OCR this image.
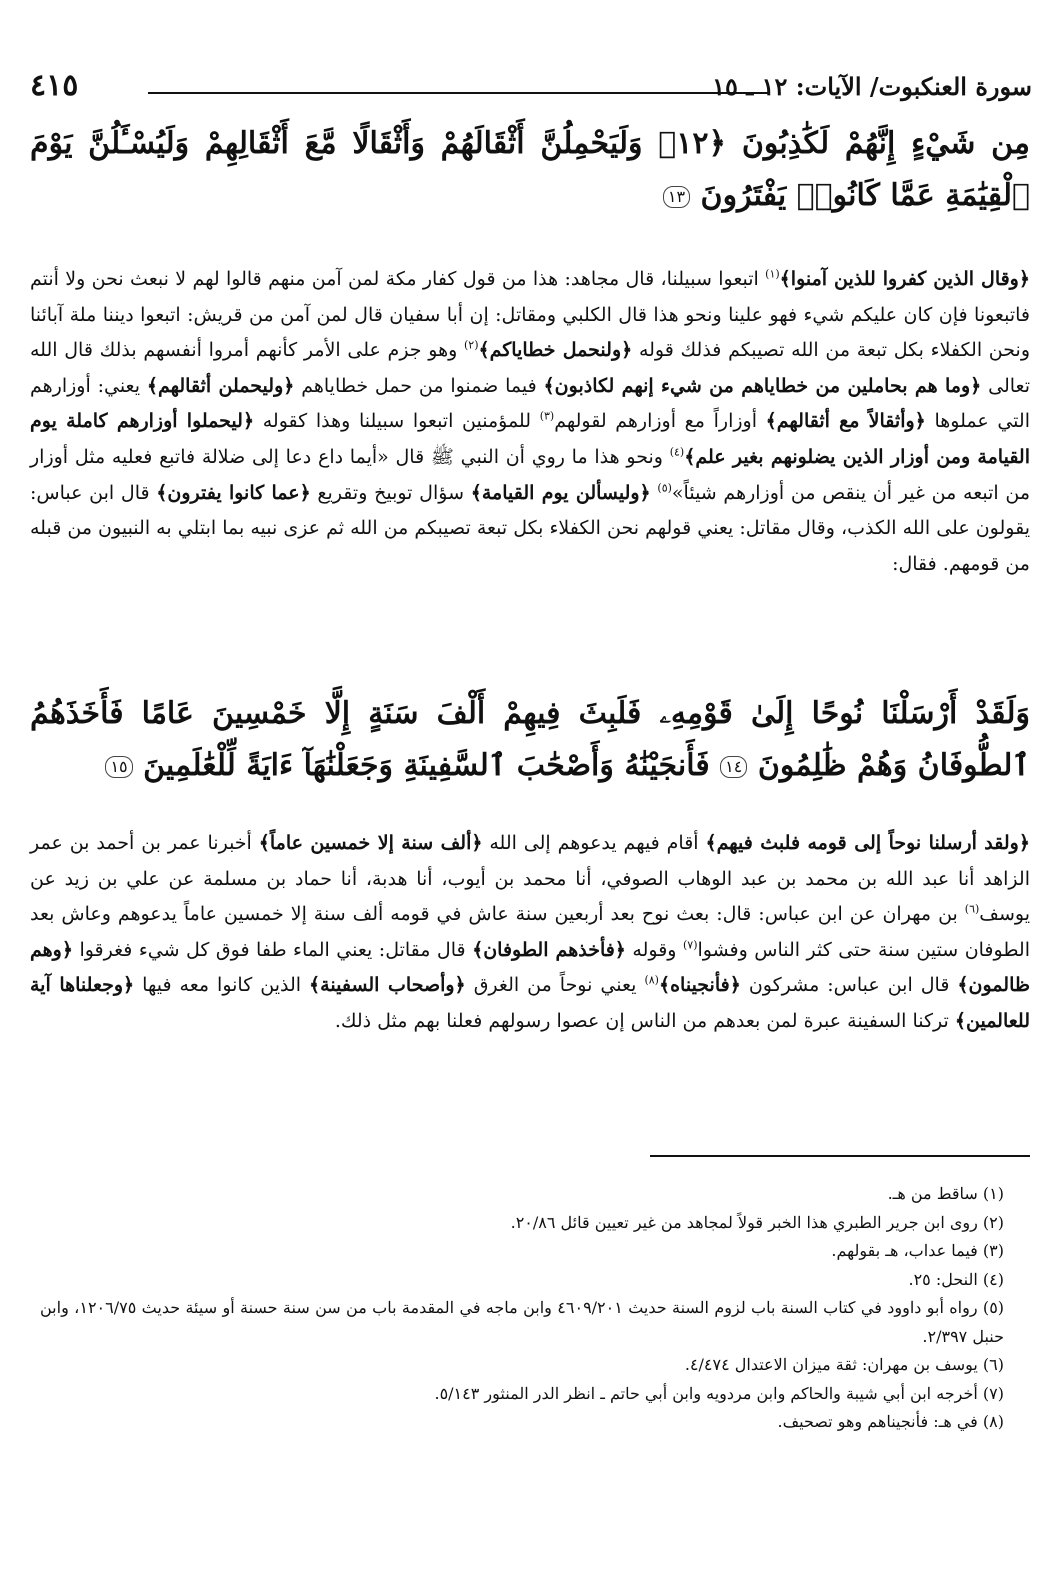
سورة العنكبوت/ الآيات: ١٢ ـ ١٥
٤١٥
مِن شَيْءٍ إِنَّهُمْ لَكَٰذِبُونَ ﴿١٢﴾ وَلَيَحْمِلُنَّ أَثْقَالَهُمْ وَأَثْقَالًا مَّعَ أَثْقَالِهِمْ وَلَيُسْـَٔلُنَّ يَوْمَ ٱلْقِيَٰمَةِ عَمَّا كَانُوا۟ يَفْتَرُونَ ١٣
﴿وقال الذين كفروا للذين آمنوا﴾$^{(١)}$ اتبعوا سبيلنا، قال مجاهد: هذا من قول كفار مكة لمن آمن منهم قالوا لهم لا نبعث نحن ولا أنتم فاتبعونا فإن كان عليكم شيء فهو علينا ونحو هذا قال الكلبي ومقاتل: إن أبا سفيان قال لمن آمن من قريش: اتبعوا ديننا ملة آبائنا ونحن الكفلاء بكل تبعة من الله تصيبكم فذلك قوله ﴿ولنحمل خطاياكم﴾$^{(٢)}$ وهو جزم على الأمر كأنهم أمروا أنفسهم بذلك قال الله تعالى ﴿وما هم بحاملين من خطاياهم من شيء إنهم لكاذبون﴾ فيما ضمنوا من حمل خطاياهم ﴿وليحملن أثقالهم﴾ يعني: أوزارهم التي عملوها ﴿وأثقالاً مع أثقالهم﴾ أوزاراً مع أوزارهم لقولهم$^{(٣)}$ للمؤمنين اتبعوا سبيلنا وهذا كقوله ﴿ليحملوا أوزارهم كاملة يوم القيامة ومن أوزار الذين يضلونهم بغير علم﴾$^{(٤)}$ ونحو هذا ما روي أن النبي ﷺ قال «أيما داع دعا إلى ضلالة فاتبع فعليه مثل أوزار من اتبعه من غير أن ينقص من أوزارهم شيئاً»$^{(٥)}$ ﴿وليسألن يوم القيامة﴾ سؤال توبيخ وتقريع ﴿عما كانوا يفترون﴾ قال ابن عباس: يقولون على الله الكذب، وقال مقاتل: يعني قولهم نحن الكفلاء بكل تبعة تصيبكم من الله ثم عزى نبيه بما ابتلي به النبيون من قبله من قومهم. فقال:
وَلَقَدْ أَرْسَلْنَا نُوحًا إِلَىٰ قَوْمِهِۦ فَلَبِثَ فِيهِمْ أَلْفَ سَنَةٍ إِلَّا خَمْسِينَ عَامًا فَأَخَذَهُمُ ٱلطُّوفَانُ وَهُمْ ظَٰلِمُونَ ١٤ فَأَنجَيْنَٰهُ وَأَصْحَٰبَ ٱلسَّفِينَةِ وَجَعَلْنَٰهَآ ءَايَةً لِّلْعَٰلَمِينَ ١٥
﴿ولقد أرسلنا نوحاً إلى قومه فلبث فيهم﴾ أقام فيهم يدعوهم إلى الله ﴿ألف سنة إلا خمسين عاماً﴾ أخبرنا عمر بن أحمد بن عمر الزاهد أنا عبد الله بن محمد بن عبد الوهاب الصوفي، أنا محمد بن أيوب، أنا هدبة، أنا حماد بن مسلمة عن علي بن زيد عن يوسف$^{(٦)}$ بن مهران عن ابن عباس: قال: بعث نوح بعد أربعين سنة عاش في قومه ألف سنة إلا خمسين عاماً يدعوهم وعاش بعد الطوفان ستين سنة حتى كثر الناس وفشوا$^{(٧)}$ وقوله ﴿فأخذهم الطوفان﴾ قال مقاتل: يعني الماء طفا فوق كل شيء فغرقوا ﴿وهم ظالمون﴾ قال ابن عباس: مشركون ﴿فأنجيناه﴾$^{(٨)}$ يعني نوحاً من الغرق ﴿وأصحاب السفينة﴾ الذين كانوا معه فيها ﴿وجعلناها آية للعالمين﴾ تركنا السفينة عبرة لمن بعدهم من الناس إن عصوا رسولهم فعلنا بهم مثل ذلك.
(١) ساقط من هـ.
(٢) روى ابن جرير الطبري هذا الخبر قولاً لمجاهد من غير تعيين قائل ٢٠/٨٦.
(٣) فيما عداب، هـ بقولهم.
(٤) النحل: ٢٥.
(٥) رواه أبو داوود في كتاب السنة باب لزوم السنة حديث ٤٦٠٩/٢٠١ وابن ماجه في المقدمة باب من سن سنة حسنة أو سيئة حديث ١٢٠٦/٧٥، وابن حنبل ٢/٣٩٧.
(٦) يوسف بن مهران: ثقة ميزان الاعتدال ٤/٤٧٤.
(٧) أخرجه ابن أبي شيبة والحاكم وابن مردويه وابن أبي حاتم ـ انظر الدر المنثور ٥/١٤٣.
(٨) في هـ: فأنجيناهم وهو تصحيف.
